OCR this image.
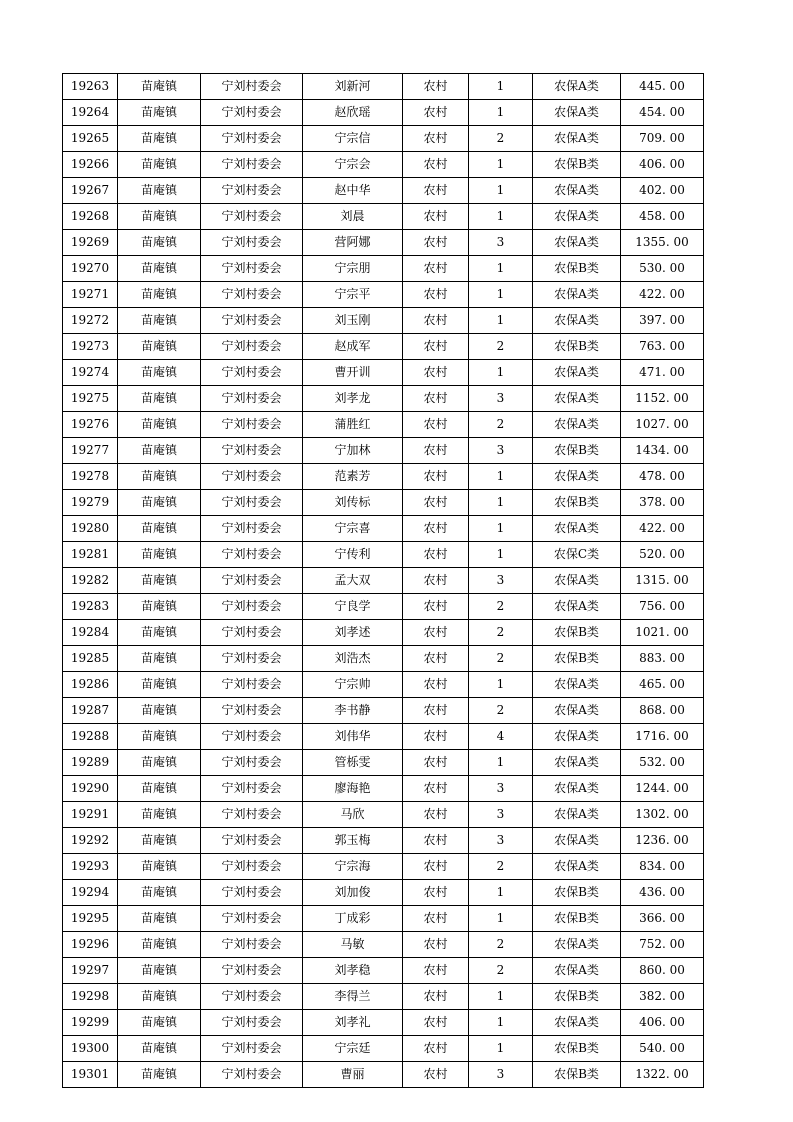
19263	苗庵镇	宁刘村委会	刘新河	农村	1	农保A类	445. 00
19264	苗庵镇	宁刘村委会	赵欣瑶	农村	1	农保A类	454. 00
19265	苗庵镇	宁刘村委会	宁宗信	农村	2	农保A类	709. 00
19266	苗庵镇	宁刘村委会	宁宗会	农村	1	农保B类	406. 00
19267	苗庵镇	宁刘村委会	赵中华	农村	1	农保A类	402. 00
19268	苗庵镇	宁刘村委会	刘晨	农村	1	农保A类	458. 00
19269	苗庵镇	宁刘村委会	营阿娜	农村	3	农保A类	1355. 00
19270	苗庵镇	宁刘村委会	宁宗朋	农村	1	农保B类	530. 00
19271	苗庵镇	宁刘村委会	宁宗平	农村	1	农保A类	422. 00
19272	苗庵镇	宁刘村委会	刘玉刚	农村	1	农保A类	397. 00
19273	苗庵镇	宁刘村委会	赵成军	农村	2	农保B类	763. 00
19274	苗庵镇	宁刘村委会	曹开训	农村	1	农保A类	471. 00
19275	苗庵镇	宁刘村委会	刘孝龙	农村	3	农保A类	1152. 00
19276	苗庵镇	宁刘村委会	蒲胜红	农村	2	农保A类	1027. 00
19277	苗庵镇	宁刘村委会	宁加林	农村	3	农保B类	1434. 00
19278	苗庵镇	宁刘村委会	范素芳	农村	1	农保A类	478. 00
19279	苗庵镇	宁刘村委会	刘传标	农村	1	农保B类	378. 00
19280	苗庵镇	宁刘村委会	宁宗喜	农村	1	农保A类	422. 00
19281	苗庵镇	宁刘村委会	宁传利	农村	1	农保C类	520. 00
19282	苗庵镇	宁刘村委会	孟大双	农村	3	农保A类	1315. 00
19283	苗庵镇	宁刘村委会	宁良学	农村	2	农保A类	756. 00
19284	苗庵镇	宁刘村委会	刘孝述	农村	2	农保B类	1021. 00
19285	苗庵镇	宁刘村委会	刘浩杰	农村	2	农保B类	883. 00
19286	苗庵镇	宁刘村委会	宁宗帅	农村	1	农保A类	465. 00
19287	苗庵镇	宁刘村委会	李书静	农村	2	农保A类	868. 00
19288	苗庵镇	宁刘村委会	刘伟华	农村	4	农保A类	1716. 00
19289	苗庵镇	宁刘村委会	管栎雯	农村	1	农保A类	532. 00
19290	苗庵镇	宁刘村委会	廖海艳	农村	3	农保A类	1244. 00
19291	苗庵镇	宁刘村委会	马欣	农村	3	农保A类	1302. 00
19292	苗庵镇	宁刘村委会	郭玉梅	农村	3	农保A类	1236. 00
19293	苗庵镇	宁刘村委会	宁宗海	农村	2	农保A类	834. 00
19294	苗庵镇	宁刘村委会	刘加俊	农村	1	农保B类	436. 00
19295	苗庵镇	宁刘村委会	丁成彩	农村	1	农保B类	366. 00
19296	苗庵镇	宁刘村委会	马敏	农村	2	农保A类	752. 00
19297	苗庵镇	宁刘村委会	刘孝稳	农村	2	农保A类	860. 00
19298	苗庵镇	宁刘村委会	李得兰	农村	1	农保B类	382. 00
19299	苗庵镇	宁刘村委会	刘孝礼	农村	1	农保A类	406. 00
19300	苗庵镇	宁刘村委会	宁宗廷	农村	1	农保B类	540. 00
19301	苗庵镇	宁刘村委会	曹丽	农村	3	农保B类	1322. 00
